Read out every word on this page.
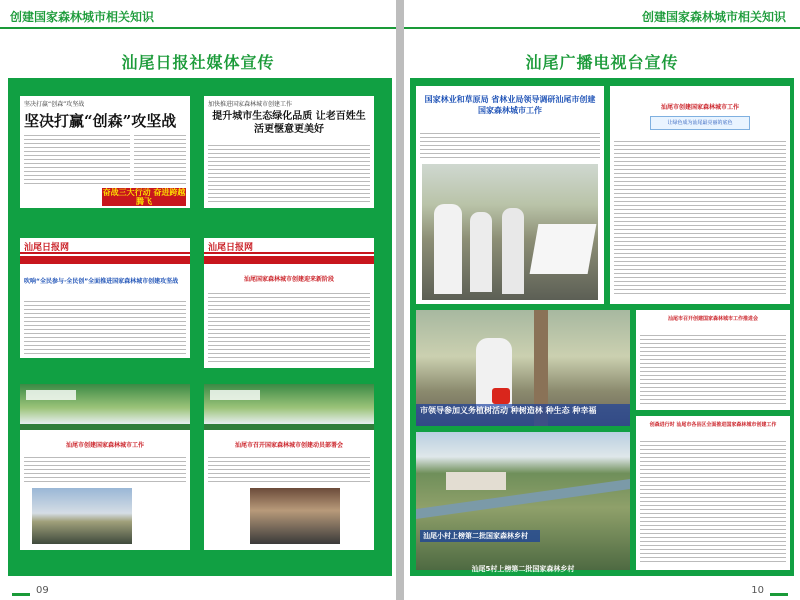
创建国家森林城市相关知识
汕尾日报社媒体宣传
坚决打赢“创森”攻坚战
坚决打赢“创森”攻坚战
奋战三大行动 奋进跨越腾飞
加快推进国家森林城市创建工作
提升城市生态绿化品质 让老百姓生活更惬意更美好
汕尾日报网
吹响“全民参与·全民创”全面推进国家森林城市创建攻坚战
汕尾日报网
汕尾国家森林城市创建迎来新阶段
汕尾市创建国家森林城市工作	汕尾市召开国家森林城市创建动员部署会
09
创建国家森林城市相关知识
汕尾广播电视台宣传
国家林业和草原局 省林业局领导调研汕尾市创建国家森林城市工作	汕尾市创建国家森林城市工作
让绿色成为汕尾最亮丽的底色
市领导参加义务植树活动 种树造林 种生态 种幸福
汕尾市召开创建国家森林城市工作推进会
汕尾小村上榜第二批国家森林乡村
创森进行时 汕尾市各县区全面推进国家森林城市创建工作
汕尾5村上榜第二批国家森林乡村
10
